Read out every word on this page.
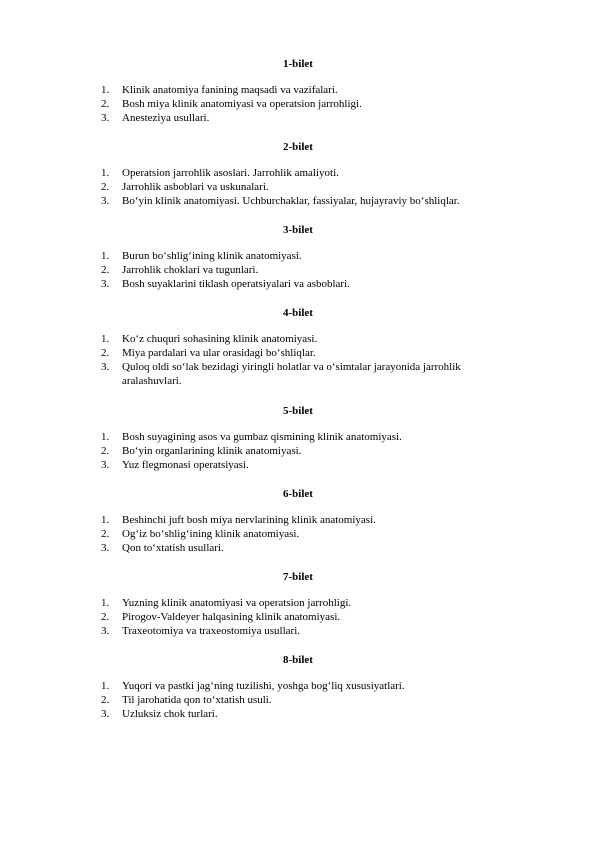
1-bilet
1. Klinik anatomiya fanining maqsadi va vazifalari.
2. Bosh miya klinik anatomiyasi va operatsion jarrohligi.
3. Anesteziya usullari.
2-bilet
1. Operatsion jarrohlik asoslari. Jarrohlik amaliyoti.
2. Jarrohlik asboblari va uskunalari.
3. Bo‘yin klinik anatomiyasi. Uchburchaklar, fassiyalar, hujayraviy bo‘shliqlar.
3-bilet
1. Burun bo‘shlig‘ining klinik anatomiyasi.
2. Jarrohlik choklari va tugunlari.
3. Bosh suyaklarini tiklash operatsiyalari va asboblari.
4-bilet
1. Ko‘z chuquri sohasining klinik anatomiyasi.
2. Miya pardalari va ular orasidagi bo‘shliqlar.
3. Quloq oldi so‘lak bezidagi yiringli holatlar va o‘simtalar jarayonida jarrohlik aralashuvlari.
5-bilet
1. Bosh suyagining asos va gumbaz qismining klinik anatomiyasi.
2. Bo‘yin organlarining klinik anatomiyasi.
3. Yuz flegmonasi operatsiyasi.
6-bilet
1. Beshinchi juft bosh miya nervlarining klinik anatomiyasi.
2. Og‘iz bo‘shlig‘ining klinik anatomiyasi.
3. Qon to‘xtatish usullari.
7-bilet
1. Yuzning klinik anatomiyasi va operatsion jarrohligi.
2. Pirogov-Valdeyer halqasining klinik anatomiyasi.
3. Traxeotomiya va traxeostomiya usullari.
8-bilet
1. Yuqori va pastki jag‘ning tuzilishi, yoshga bog‘liq xususiyatlari.
2. Til jarohatida qon to‘xtatish usuli.
3. Uzluksiz chok turlari.
